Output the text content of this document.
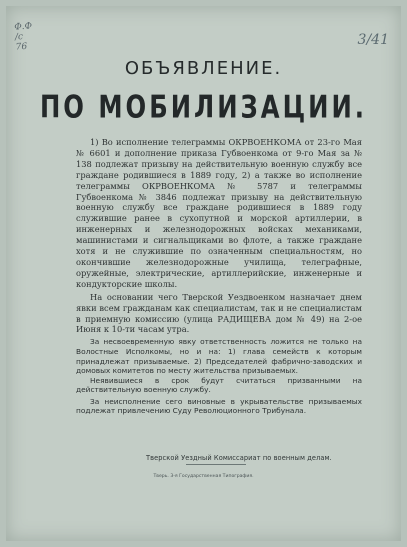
Ф.Ф
/с
76	3/41
ОБЪЯВЛЕНИЕ.
ПО МОБИЛИЗАЦИИ.

1) Во исполнение телеграммы ОКРВОЕНКОМА от 23-го Мая № 6601 и дополнение приказа Губвоенкома от 9-го Мая за № 138 подлежат призыву на действительную военную службу все граждане родившиеся в 1889 году, 2) а также во исполнение телеграммы ОКРВОЕНКОМА № 5787 и телеграммы Губвоенкома № 3846 подлежат призыву на действительную военную службу все граждане родившиеся в 1889 году служившие ранее в сухопутной и морской артиллерии, в инженерных и железнодорожных войсках механиками, машинистами и сигнальщиками во флоте, а также граждане хотя и не служившие по означенным специальностям, но окончившие железнодорожные училища, телеграфные, оружейные, электрические, артиллерийские, инженерные и кондукторские школы.

На основании чего Тверской Уездвоенком назначает днем явки всем гражданам как специалистам, так и не специалистам в приемную комиссию (улица РАДИЩЕВА дом № 49) на 2-ое Июня к 10-ти часам утра.

За несвоевременную явку ответственность ложится не только на Волостные Исполкомы, но и на: 1) глава семейств к которым принадлежат призываемые. 2) Председателей фабрично-заводских и домовых комитетов по месту жительства призываемых.

Неявившиеся в срок будут считаться призванными на действительную военную службу.

За неисполнение сего виновные в укрывательстве призываемых подлежат привлечению Суду Революционного Трибунала.

Тверской Уездный Комиссариат по военным делам.
Тверь. 3-я Государственная Типография.
